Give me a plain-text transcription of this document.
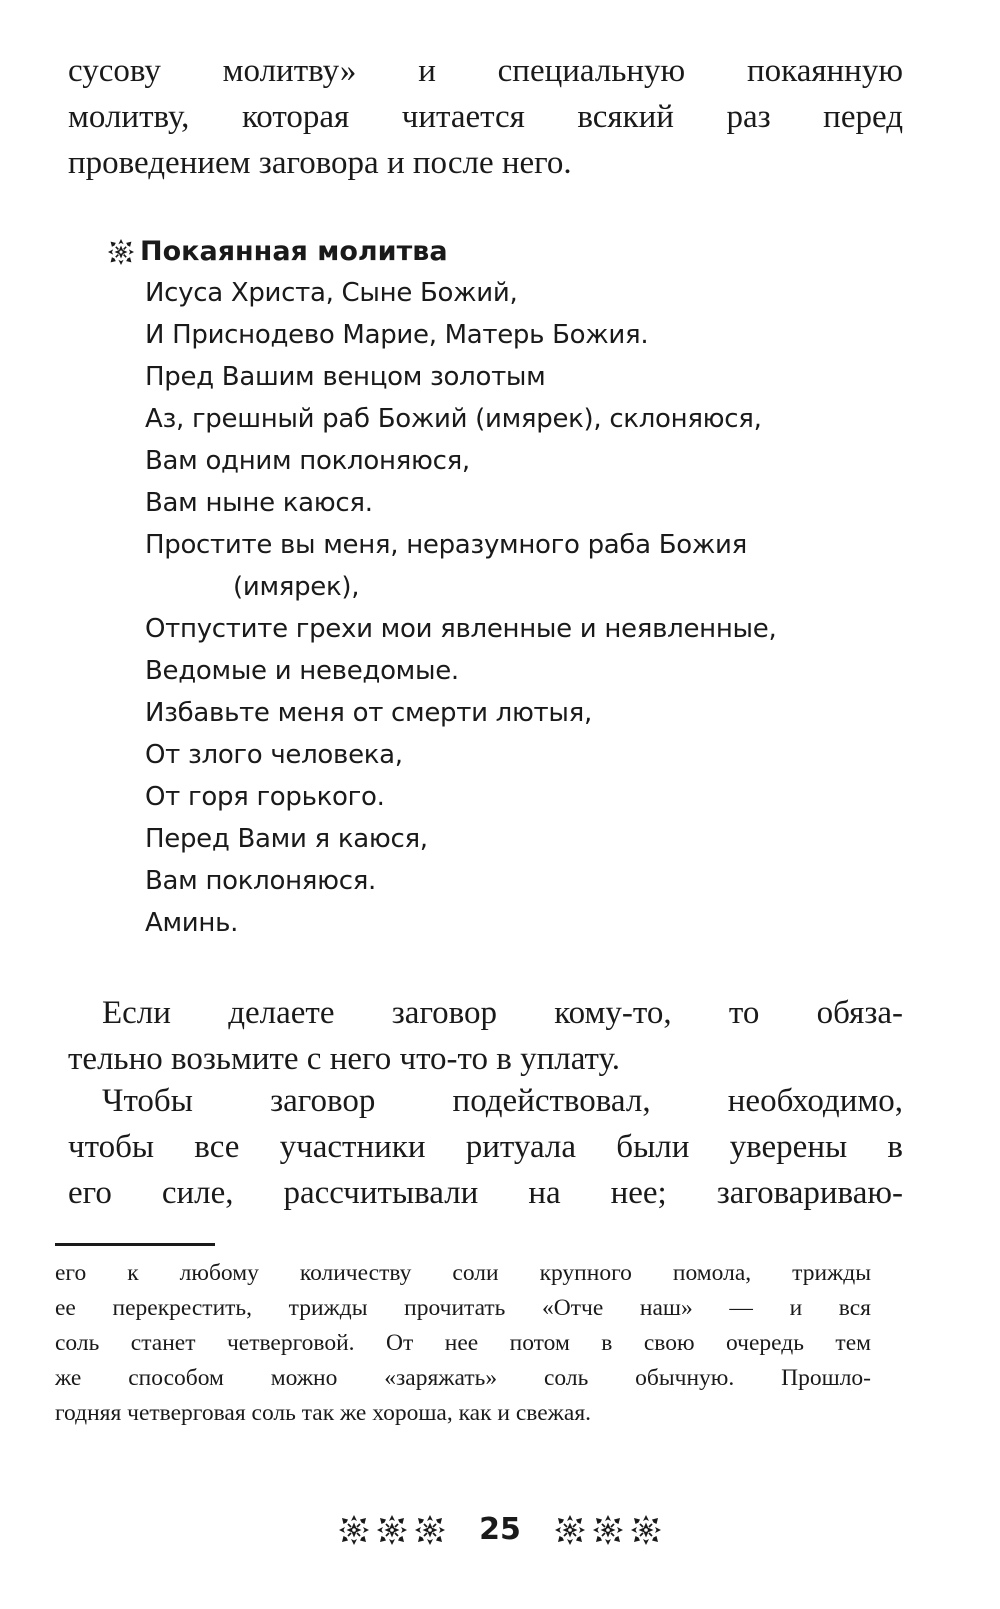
сусову молитву» и специальную покаянную
молитву, которая читается всякий раз перед
проведением заговора и после него.
Покаянная молитва
Исуса Христа, Сыне Божий,
И Приснодево Марие, Матерь Божия.
Пред Вашим венцом золотым
Аз, грешный раб Божий (имярек), склоняюся,
Вам одним поклоняюся,
Вам ныне каюся.
Простите вы меня, неразумного раба Божия
(имярек),
Отпустите грехи мои явленные и неявленные,
Ведомые и неведомые.
Избавьте меня от смерти лютыя,
От злого человека,
От горя горького.
Перед Вами я каюся,
Вам поклоняюся.
Аминь.
Если делаете заговор кому-то, то обяза-
тельно возьмите с него что-то в уплату.
Чтобы заговор подействовал, необходимо,
чтобы все участники ритуала были уверены в
его силе, рассчитывали на нее; заговариваю-
его к любому количеству соли крупного помола, трижды
ее перекрестить, трижды прочитать «Отче наш» — и вся
соль станет четверговой. От нее потом в свою очередь тем
же способом можно «заряжать» соль обычную. Прошло-
годняя четверговая соль так же хороша, как и свежая.
25
